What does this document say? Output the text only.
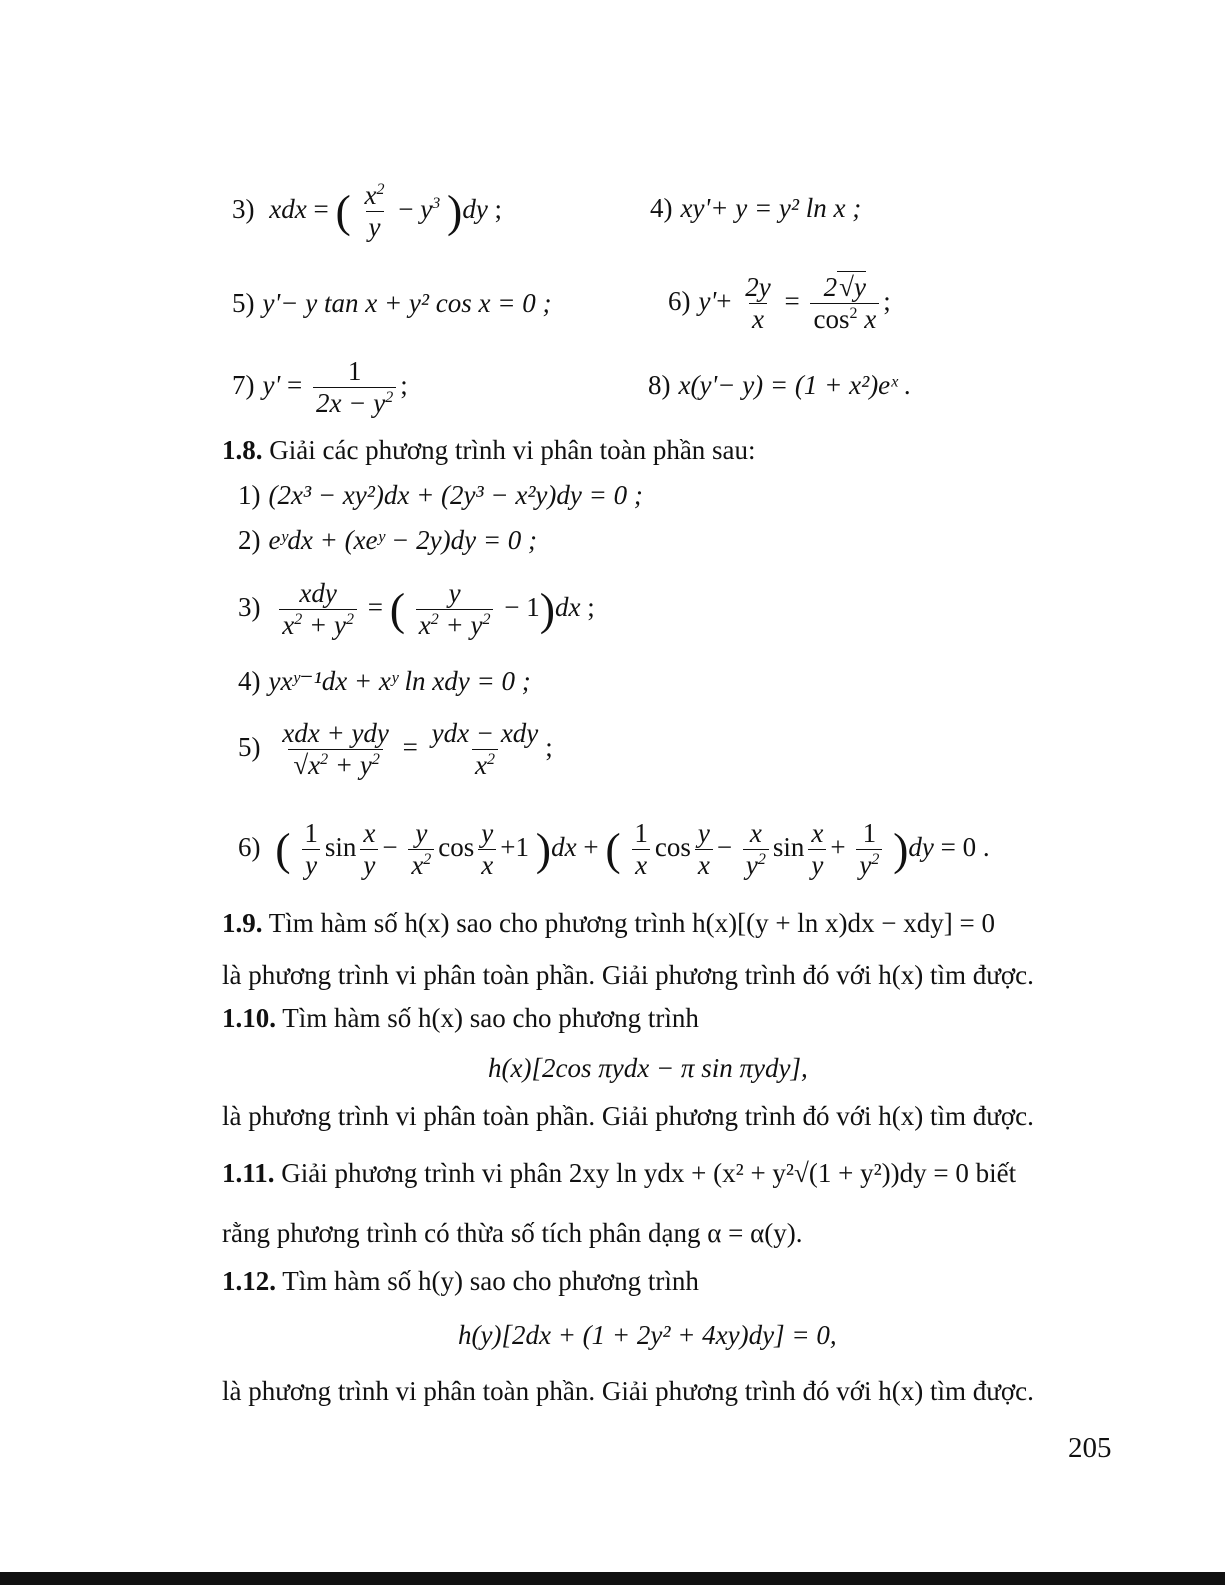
3) xdx = ( $\frac{x^2}{y} - y^3$ )dy ;	4) xy'+ y = y² ln x ;
5) y'− y tan x + y² cos x = 0 ;	6) $y'+ \frac{2y}{x} = \frac{2√y}{\cos^2 x}$ ;
7) $y' = \frac{1}{2x - y^2}$ ;	8) x(y'− y) = (1 + x²)eˣ .
1.8. Giải các phương trình vi phân toàn phần sau:
1) (2x³ − xy²)dx + (2y³ − x²y)dy = 0 ;
2) eʸdx + (xeʸ − 2y)dy = 0 ;
$3) \frac{\text{xdy}}{x^2 + y^2}$ = ( $\frac{y}{x^2 + y^2} - 1)dx$ ;
4) yxʸ⁻¹dx + xʸ ln xdy = 0 ;
$5) \frac{\text{xdx + ydy}}{√x^2 + y^2} = \frac{\text{ydx − xdy}}{x^2}$ ;
6) ( $\frac{1}{y}$ $\sin \frac{x}{y} - \frac{y}{x^2}$ $\cos \frac{y}{x} +1$ )dx + ( $\frac{1}{x}$ $\cos \frac{y}{x} - \frac{x}{y^2}$ $\sin \frac{x}{y} + \frac{1}{y^2} )dy = 0$ .
1.9. Tìm hàm số h(x) sao cho phương trình h(x)[(y + ln x)dx − xdy] = 0
là phương trình vi phân toàn phần. Giải phương trình đó với h(x) tìm được.
1.10. Tìm hàm số h(x) sao cho phương trình
h(x)[2cos πydx − π sin πydy],
là phương trình vi phân toàn phần. Giải phương trình đó với h(x) tìm được.
1.11. Giải phương trình vi phân 2xy ln ydx + (x² + y²√(1 + y²))dy = 0 biết
rằng phương trình có thừa số tích phân dạng α = α(y).
1.12. Tìm hàm số h(y) sao cho phương trình
h(y)[2dx + (1 + 2y² + 4xy)dy] = 0,
là phương trình vi phân toàn phần. Giải phương trình đó với h(x) tìm được.
205
